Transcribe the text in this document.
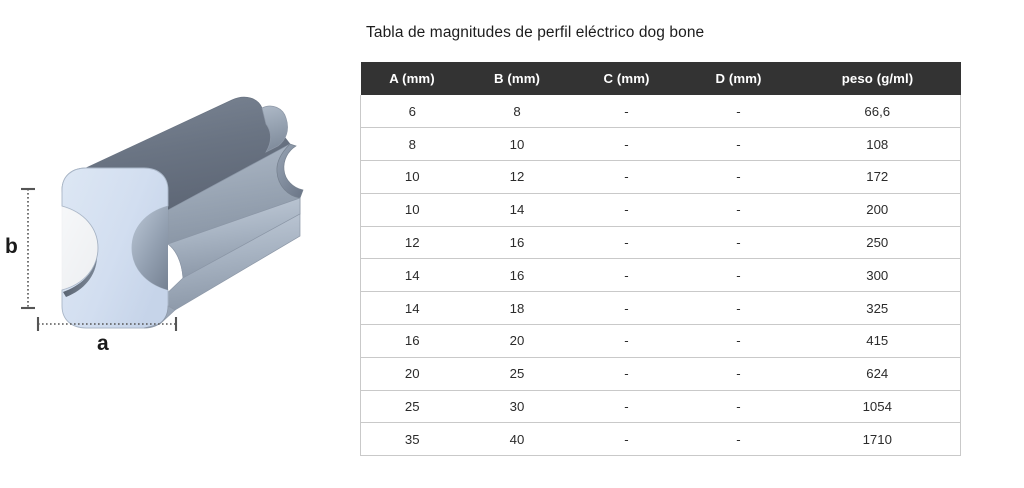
b
a
Tabla de magnitudes de perfil eléctrico dog bone
A (mm)	B (mm)	C (mm)	D (mm)	peso (g/ml)
6	8	-	-	66,6
8	10	-	-	108
10	12	-	-	172
10	14	-	-	200
12	16	-	-	250
14	16	-	-	300
14	18	-	-	325
16	20	-	-	415
20	25	-	-	624
25	30	-	-	1054
35	40	-	-	1710
